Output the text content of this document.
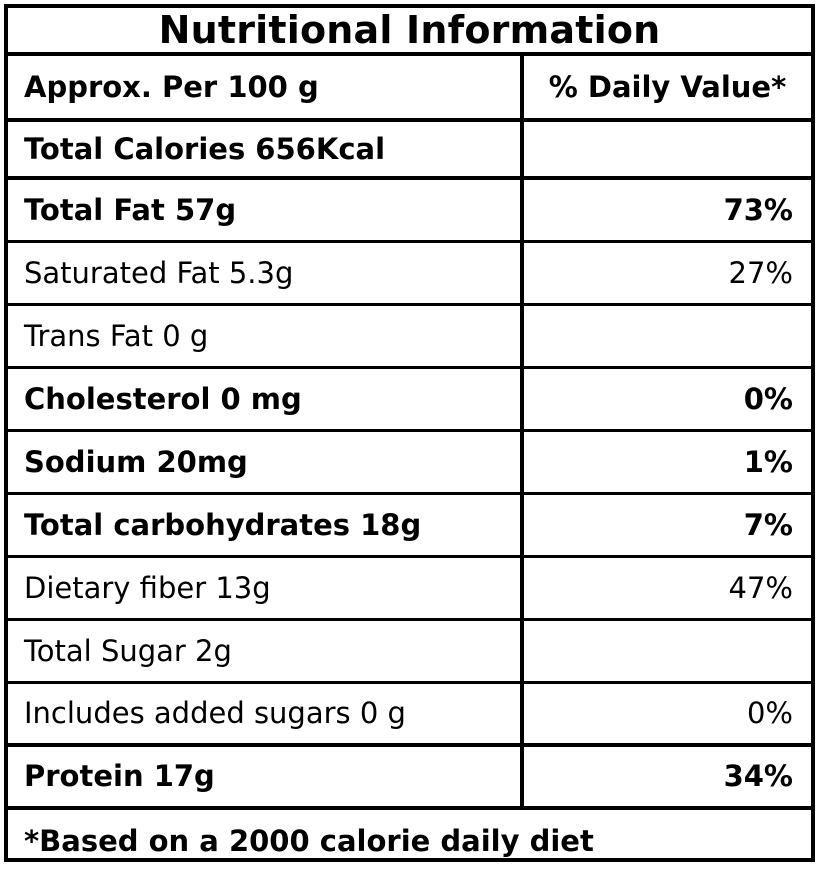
Nutritional Information
Approx. Per 100 g	% Daily Value*
Total Calories 656Kcal
Total Fat 57g	73%
Saturated Fat 5.3g	27%
Trans Fat 0 g
Cholesterol 0 mg	0%
Sodium 20mg	1%
Total carbohydrates 18g	7%
Dietary fiber 13g	47%
Total Sugar 2g
Includes added sugars 0 g	0%
Protein 17g	34%
*Based on a 2000 calorie daily diet
